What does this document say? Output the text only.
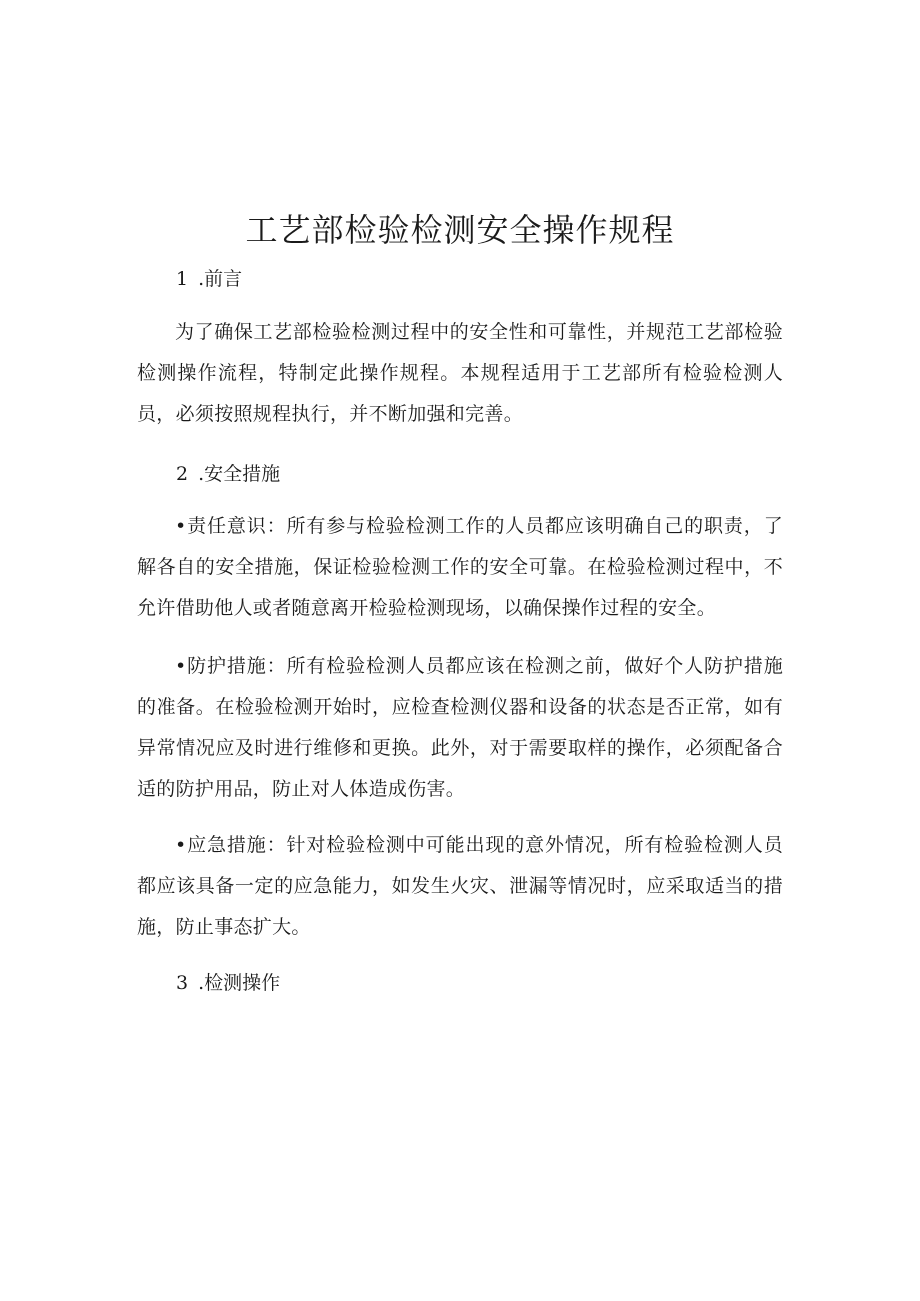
工艺部检验检测安全操作规程
1 .前言

为了确保工艺部检验检测过程中的安全性和可靠性，并规范工艺部检验检测操作流程，特制定此操作规程。本规程适用于工艺部所有检验检测人员，必须按照规程执行，并不断加强和完善。

2 .安全措施

•责任意识：所有参与检验检测工作的人员都应该明确自己的职责，了解各自的安全措施，保证检验检测工作的安全可靠。在检验检测过程中，不允许借助他人或者随意离开检验检测现场，以确保操作过程的安全。

•防护措施：所有检验检测人员都应该在检测之前，做好个人防护措施的准备。在检验检测开始时，应检查检测仪器和设备的状态是否正常，如有异常情况应及时进行维修和更换。此外，对于需要取样的操作，必须配备合适的防护用品，防止对人体造成伤害。

•应急措施：针对检验检测中可能出现的意外情况，所有检验检测人员都应该具备一定的应急能力，如发生火灾、泄漏等情况时，应采取适当的措施，防止事态扩大。

3 .检测操作
